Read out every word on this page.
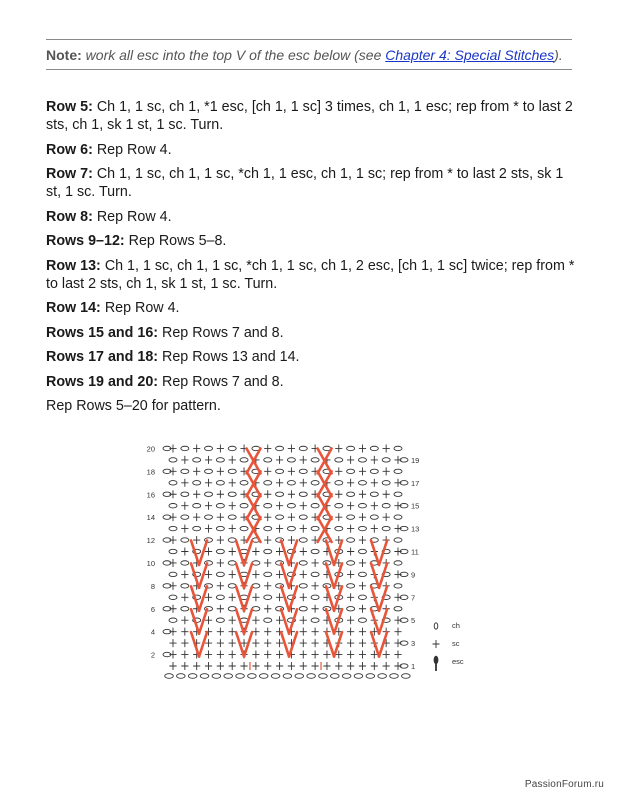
Note: work all esc into the top V of the esc below (see Chapter 4: Special Stitches).

Row 5: Ch 1, 1 sc, ch 1, *1 esc, [ch 1, 1 sc] 3 times, ch 1, 1 esc; rep from * to last 2 sts, ch 1, sk 1 st, 1 sc. Turn.

Row 6: Rep Row 4.

Row 7: Ch 1, 1 sc, ch 1, 1 sc, *ch 1, 1 esc, ch 1, 1 sc; rep from * to last 2 sts, sk 1 st, 1 sc. Turn.

Row 8: Rep Row 4.

Rows 9–12: Rep Rows 5–8.

Row 13: Ch 1, 1 sc, ch 1, 1 sc, *ch 1, 1 sc, ch 1, 2 esc, [ch 1, 1 sc] twice; rep from * to last 2 sts, ch 1, sk 1 st, 1 sc. Turn.

Row 14: Rep Row 4.

Rows 15 and 16: Rep Rows 7 and 8.

Rows 17 and 18: Rep Rows 13 and 14.

Rows 19 and 20: Rep Rows 7 and 8.

Rep Rows 5–20 for pattern.

20
18
16
14
12
10
8
6
4
2
19
17
15
13
11
9
7
5
3
1
ch
sc
esc
PassionForum.ru
